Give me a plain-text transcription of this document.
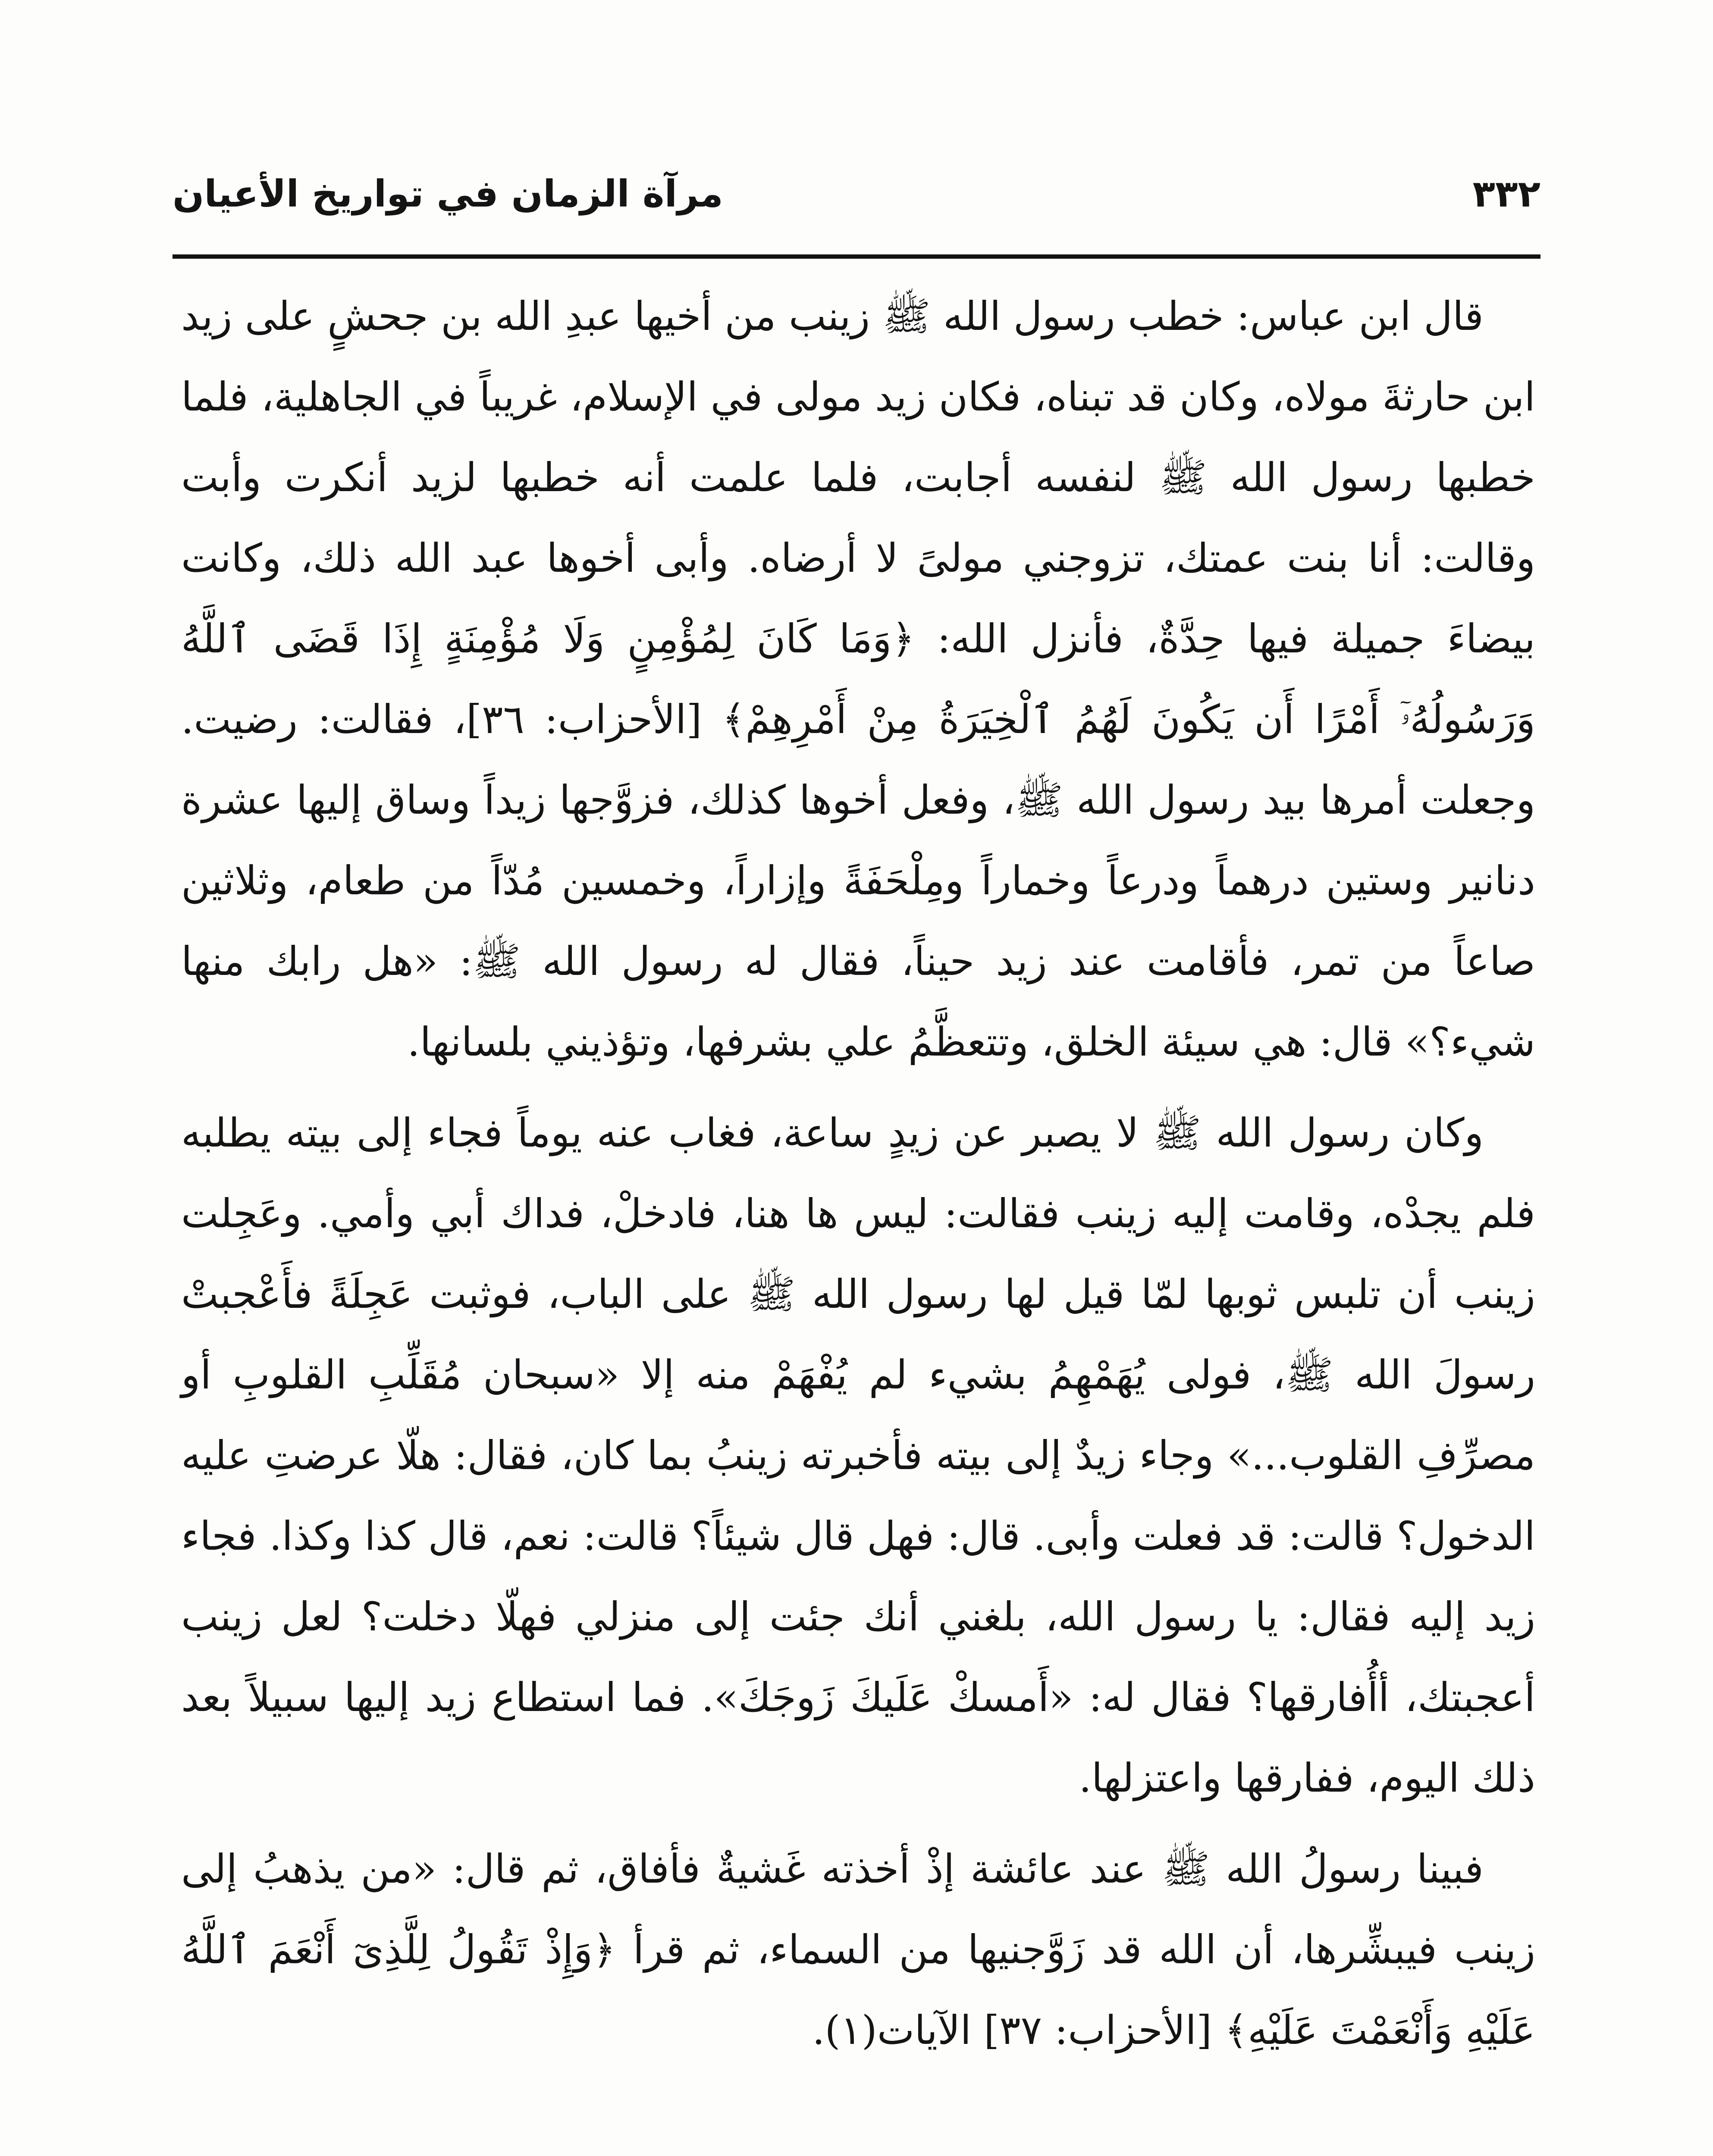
٣٣٢
مرآة الزمان في تواريخ الأعيان

قال ابن عباس: خطب رسول الله ﷺ زينب من أخيها عبدِ الله بن جحشٍ على زيد ابن حارثةَ مولاه، وكان قد تبناه، فكان زيد مولى في الإسلام، غريباً في الجاهلية، فلما خطبها رسول الله ﷺ لنفسه أجابت، فلما علمت أنه خطبها لزيد أنكرت وأبت وقالت: أنا بنت عمتك، تزوجني مولىً لا أرضاه. وأبى أخوها عبد الله ذلك، وكانت بيضاءَ جميلة فيها حِدَّةٌ، فأنزل الله: ﴿وَمَا كَانَ لِمُؤْمِنٍ وَلَا مُؤْمِنَةٍ إِذَا قَضَى ٱللَّهُ وَرَسُولُهُۥٓ أَمْرًا أَن يَكُونَ لَهُمُ ٱلْخِيَرَةُ مِنْ أَمْرِهِمْ﴾ [الأحزاب: ٣٦]، فقالت: رضيت. وجعلت أمرها بيد رسول الله ﷺ، وفعل أخوها كذلك، فزوَّجها زيداً وساق إليها عشرة دنانير وستين درهماً ودرعاً وخماراً ومِلْحَفَةً وإزاراً، وخمسين مُدّاً من طعام، وثلاثين صاعاً من تمر، فأقامت عند زيد حيناً، فقال له رسول الله ﷺ: «هل رابك منها شيء؟» قال: هي سيئة الخلق، وتتعظَّمُ علي بشرفها، وتؤذيني بلسانها.

وكان رسول الله ﷺ لا يصبر عن زيدٍ ساعة، فغاب عنه يوماً فجاء إلى بيته يطلبه فلم يجدْه، وقامت إليه زينب فقالت: ليس ها هنا، فادخلْ، فداك أبي وأمي. وعَجِلت زينب أن تلبس ثوبها لمّا قيل لها رسول الله ﷺ على الباب، فوثبت عَجِلَةً فأَعْجبتْ رسولَ الله ﷺ، فولى يُهَمْهِمُ بشيء لم يُفْهَمْ منه إلا «سبحان مُقَلِّبِ القلوبِ أو مصرِّفِ القلوب...» وجاء زيدٌ إلى بيته فأخبرته زينبُ بما كان، فقال: هلّا عرضتِ عليه الدخول؟ قالت: قد فعلت وأبى. قال: فهل قال شيئاً؟ قالت: نعم، قال كذا وكذا. فجاء زيد إليه فقال: يا رسول الله، بلغني أنك جئت إلى منزلي فهلّا دخلت؟ لعل زينب أعجبتك، أأُفارقها؟ فقال له: «أَمسكْ عَلَيكَ زَوجَكَ». فما استطاع زيد إليها سبيلاً بعد ذلك اليوم، ففارقها واعتزلها.

فبينا رسولُ الله ﷺ عند عائشة إذْ أخذته غَشيةٌ فأفاق، ثم قال: «من يذهبُ إلى زينب فيبشِّرها، أن الله قد زَوَّجنيها من السماء، ثم قرأ ﴿وَإِذْ تَقُولُ لِلَّذِىٓ أَنْعَمَ ٱللَّهُ عَلَيْهِ وَأَنْعَمْتَ عَلَيْهِ﴾ [الأحزاب: ٣٧] الآيات(١).
